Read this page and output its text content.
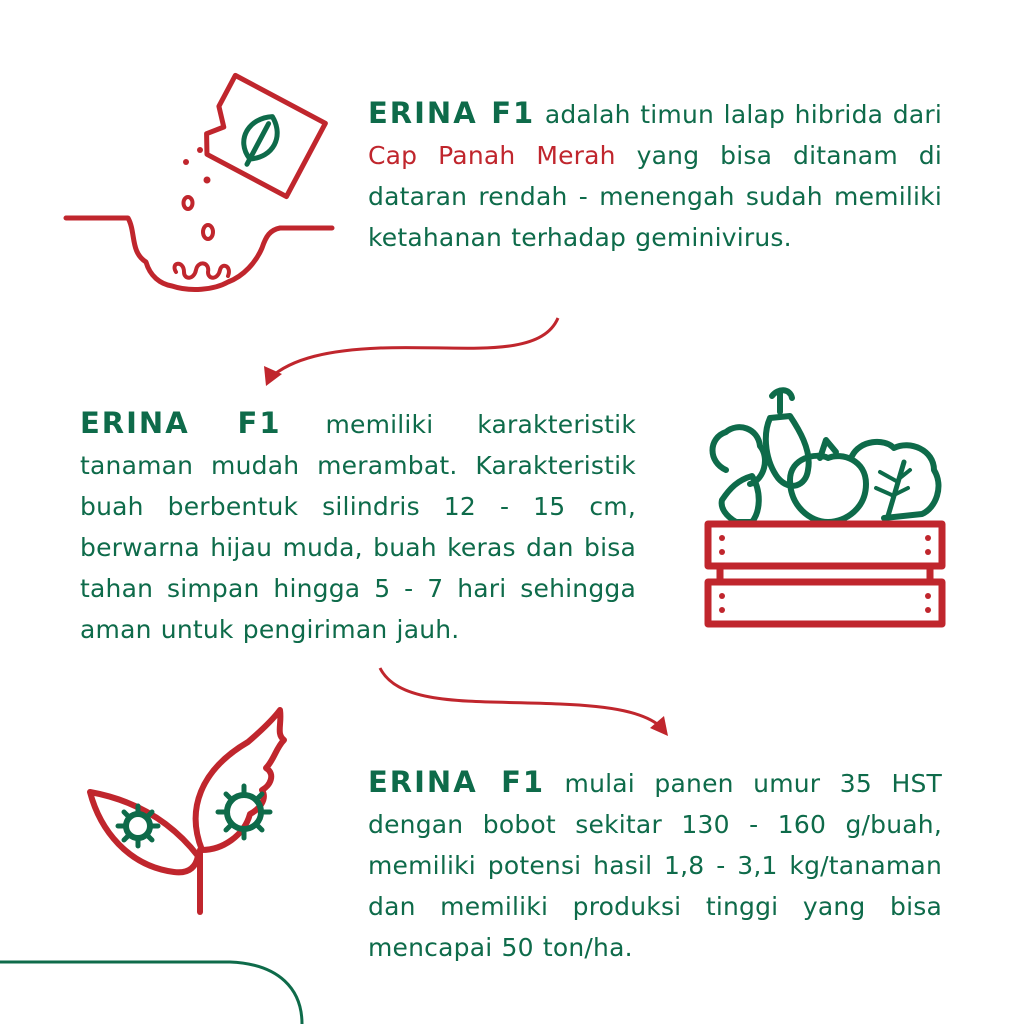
ERINA F1 adalah timun lalap hibrida dari Cap Panah Merah yang bisa ditanam di dataran rendah - menengah sudah memiliki ketahanan terhadap geminivirus.
ERINA F1 memiliki karakteristik tanaman mudah merambat. Karakteristik buah berbentuk silindris 12 - 15 cm, berwarna hijau muda, buah keras dan bisa tahan simpan hingga 5 - 7 hari sehingga aman untuk pengiriman jauh.
ERINA F1 mulai panen umur 35 HST dengan bobot sekitar 130 - 160 g/buah, memiliki potensi hasil 1,8 - 3,1 kg/tanaman dan memiliki produksi tinggi yang bisa mencapai 50 ton/ha.
